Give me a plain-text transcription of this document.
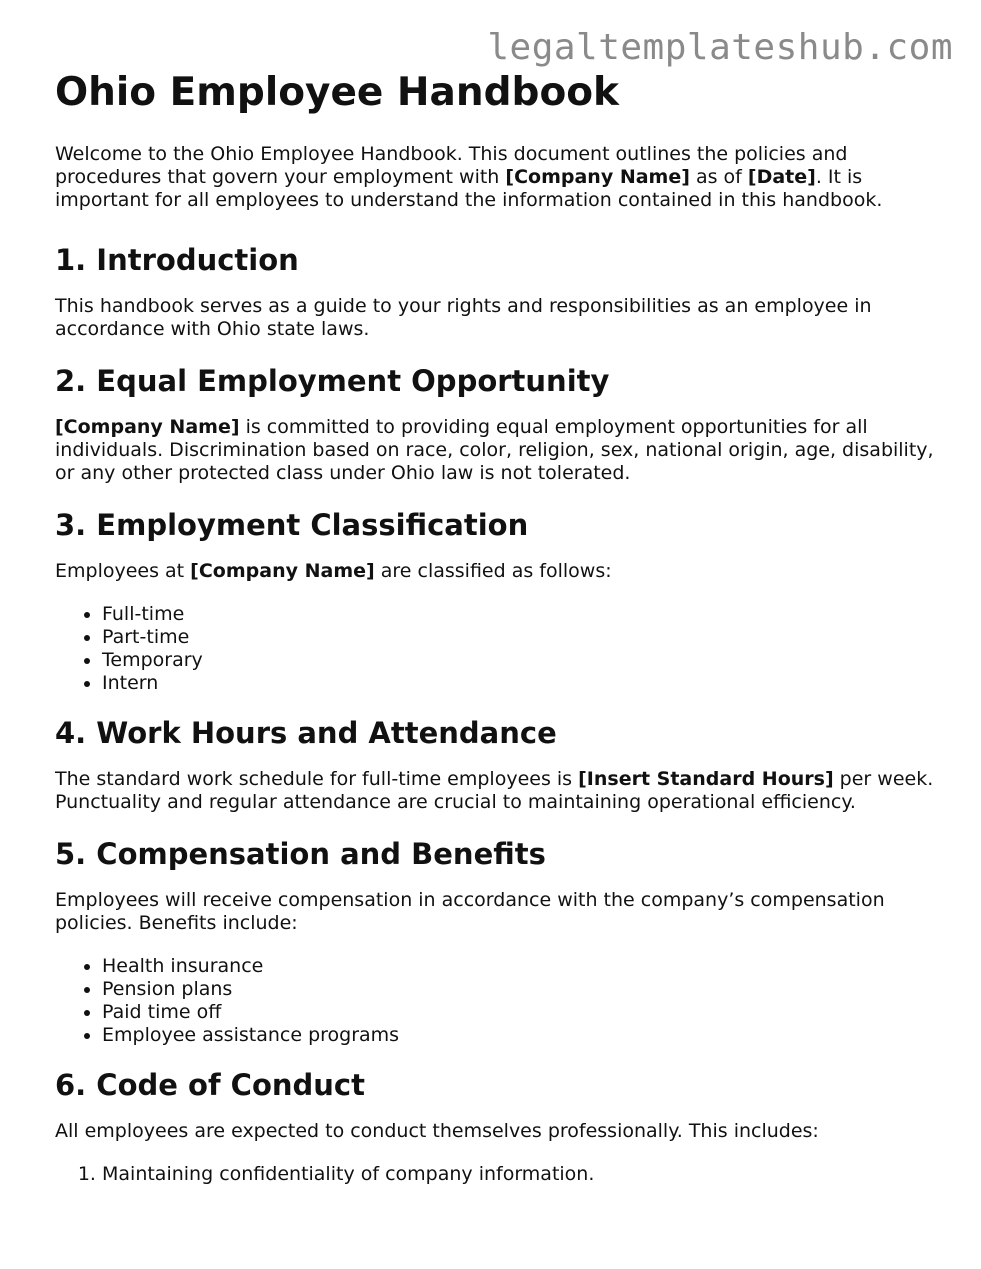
legaltemplateshub.com
Ohio Employee Handbook

Welcome to the Ohio Employee Handbook. This document outlines the policies and procedures that govern your employment with [Company Name] as of [Date]. It is important for all employees to understand the information contained in this handbook.

1. Introduction

This handbook serves as a guide to your rights and responsibilities as an employee in accordance with Ohio state laws.

2. Equal Employment Opportunity

[Company Name] is committed to providing equal employment opportunities for all individuals. Discrimination based on race, color, religion, sex, national origin, age, disability, or any other protected class under Ohio law is not tolerated.

3. Employment Classification

Employees at [Company Name] are classified as follows:

• Full-time
• Part-time
• Temporary
• Intern
4. Work Hours and Attendance

The standard work schedule for full-time employees is [Insert Standard Hours] per week. Punctuality and regular attendance are crucial to maintaining operational efficiency.

5. Compensation and Benefits

Employees will receive compensation in accordance with the company’s compensation policies. Benefits include:

• Health insurance
• Pension plans
• Paid time off
• Employee assistance programs
6. Code of Conduct

All employees are expected to conduct themselves professionally. This includes:

1. Maintaining confidentiality of company information.
